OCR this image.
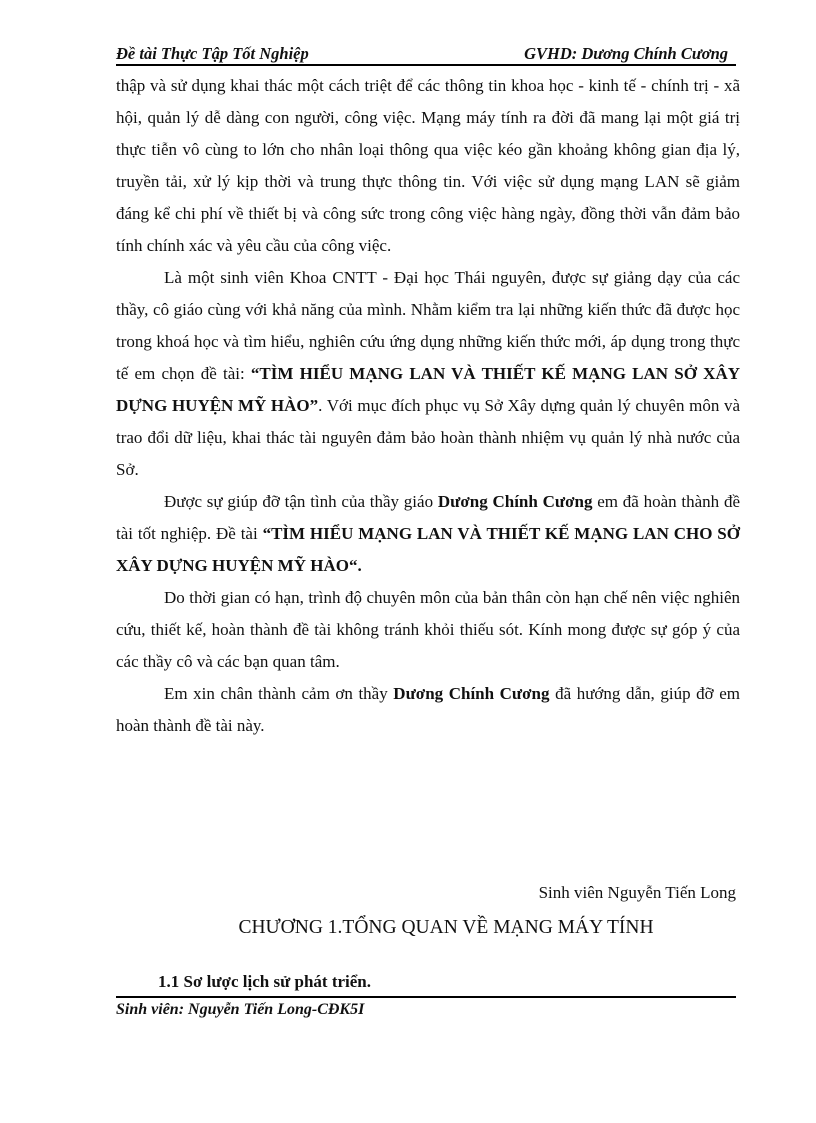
Đề tài Thực Tập Tốt Nghiệp	GVHD: Dương Chính Cương

thập và sử dụng khai thác một cách triệt để các thông tin khoa học - kinh tế - chính trị - xã hội, quản lý dễ dàng con người, công việc. Mạng máy tính ra đời đã mang lại một giá trị thực tiễn vô cùng to lớn cho nhân loại thông qua việc kéo gần khoảng không gian địa lý, truyền tải, xử lý kịp thời và trung thực thông tin. Với việc sử dụng mạng LAN sẽ giảm đáng kể chi phí về thiết bị và công sức trong công việc hàng ngày, đồng thời vẫn đảm bảo tính chính xác và yêu cầu của công việc.

Là một sinh viên Khoa CNTT - Đại học Thái nguyên, được sự giảng dạy của các thầy, cô giáo cùng với khả năng của mình. Nhằm kiểm tra lại những kiến thức đã được học trong khoá học và tìm hiểu, nghiên cứu ứng dụng những kiến thức mới, áp dụng trong thực tế em chọn đề tài: “TÌM HIỂU MẠNG LAN VÀ THIẾT KẾ MẠNG LAN SỞ XÂY DỰNG HUYỆN MỸ HÀO”. Với mục đích phục vụ Sở Xây dựng quản lý chuyên môn và trao đổi dữ liệu, khai thác tài nguyên đảm bảo hoàn thành nhiệm vụ quản lý nhà nước của Sở.

Được sự giúp đỡ tận tình của thầy giáo Dương Chính Cương em đã hoàn thành đề tài tốt nghiệp. Đề tài “TÌM HIỂU MẠNG LAN VÀ THIẾT KẾ MẠNG LAN CHO SỞ XÂY DỰNG HUYỆN MỸ HÀO“.

Do thời gian có hạn, trình độ chuyên môn của bản thân còn hạn chế nên việc nghiên cứu, thiết kế, hoàn thành đề tài không tránh khỏi thiếu sót. Kính mong được sự góp ý của các thầy cô và các bạn quan tâm.

Em xin chân thành cảm ơn thầy Dương Chính Cương đã hướng dẫn, giúp đỡ em hoàn thành đề tài này.

Sinh viên Nguyễn Tiến Long
CHƯƠNG 1.TỔNG QUAN VỀ MẠNG MÁY TÍNH
1.1 Sơ lược lịch sử phát triển.
Sinh viên: Nguyễn Tiến Long-CĐK5I
